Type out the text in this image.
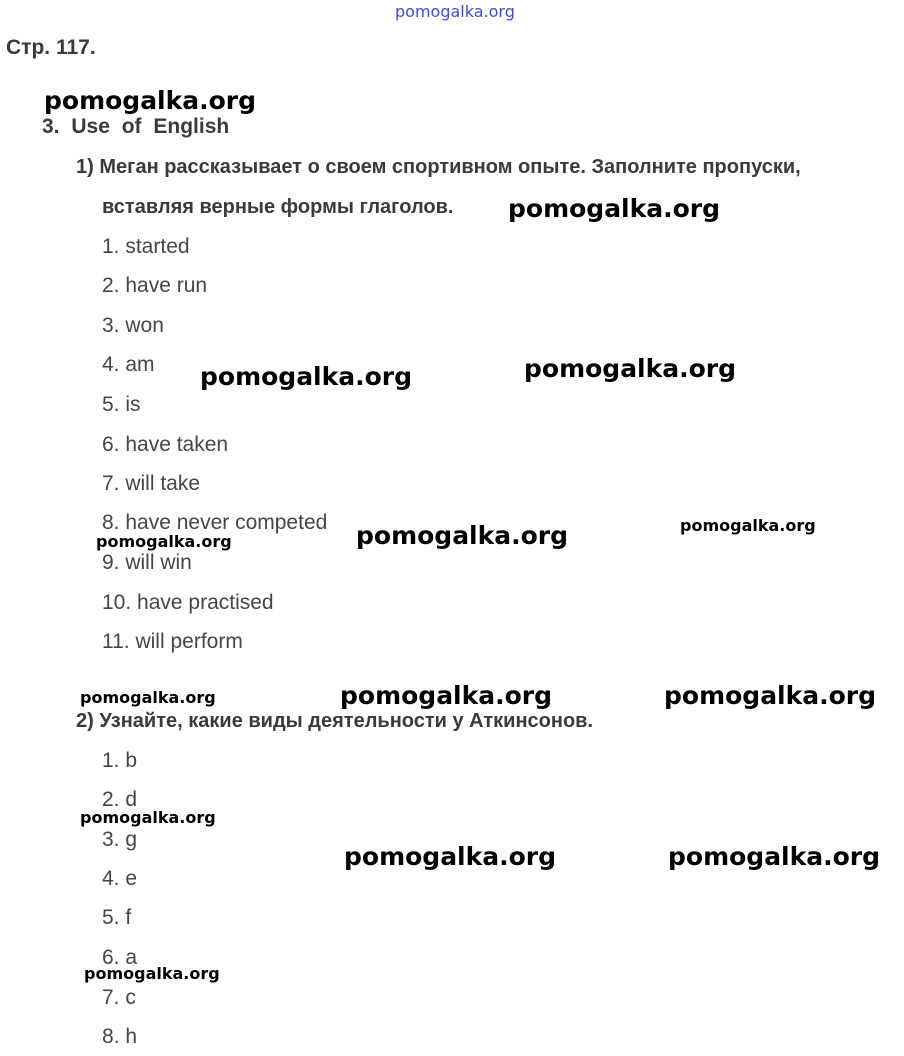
pomogalka.org
Стр. 117.
3. Use of English
1) Меган рассказывает о своем спортивном опыте. Заполните пропуски,
вставляя верные формы глаголов.
1. started
2. have run
3. won
4. am
5. is
6. have taken
7. will take
8. have never competed
9. will win
10. have practised
11. will perform
2) Узнайте, какие виды деятельности у Аткинсонов.
1. b
2. d
3. g
4. e
5. f
6. a
7. c
8. h
pomogalka.org
pomogalka.org
pomogalka.org	pomogalka.org
pomogalka.org	pomogalka.org
pomogalka.org
pomogalka.org	pomogalka.org	pomogalka.org
pomogalka.org
pomogalka.org	pomogalka.org
pomogalka.org
